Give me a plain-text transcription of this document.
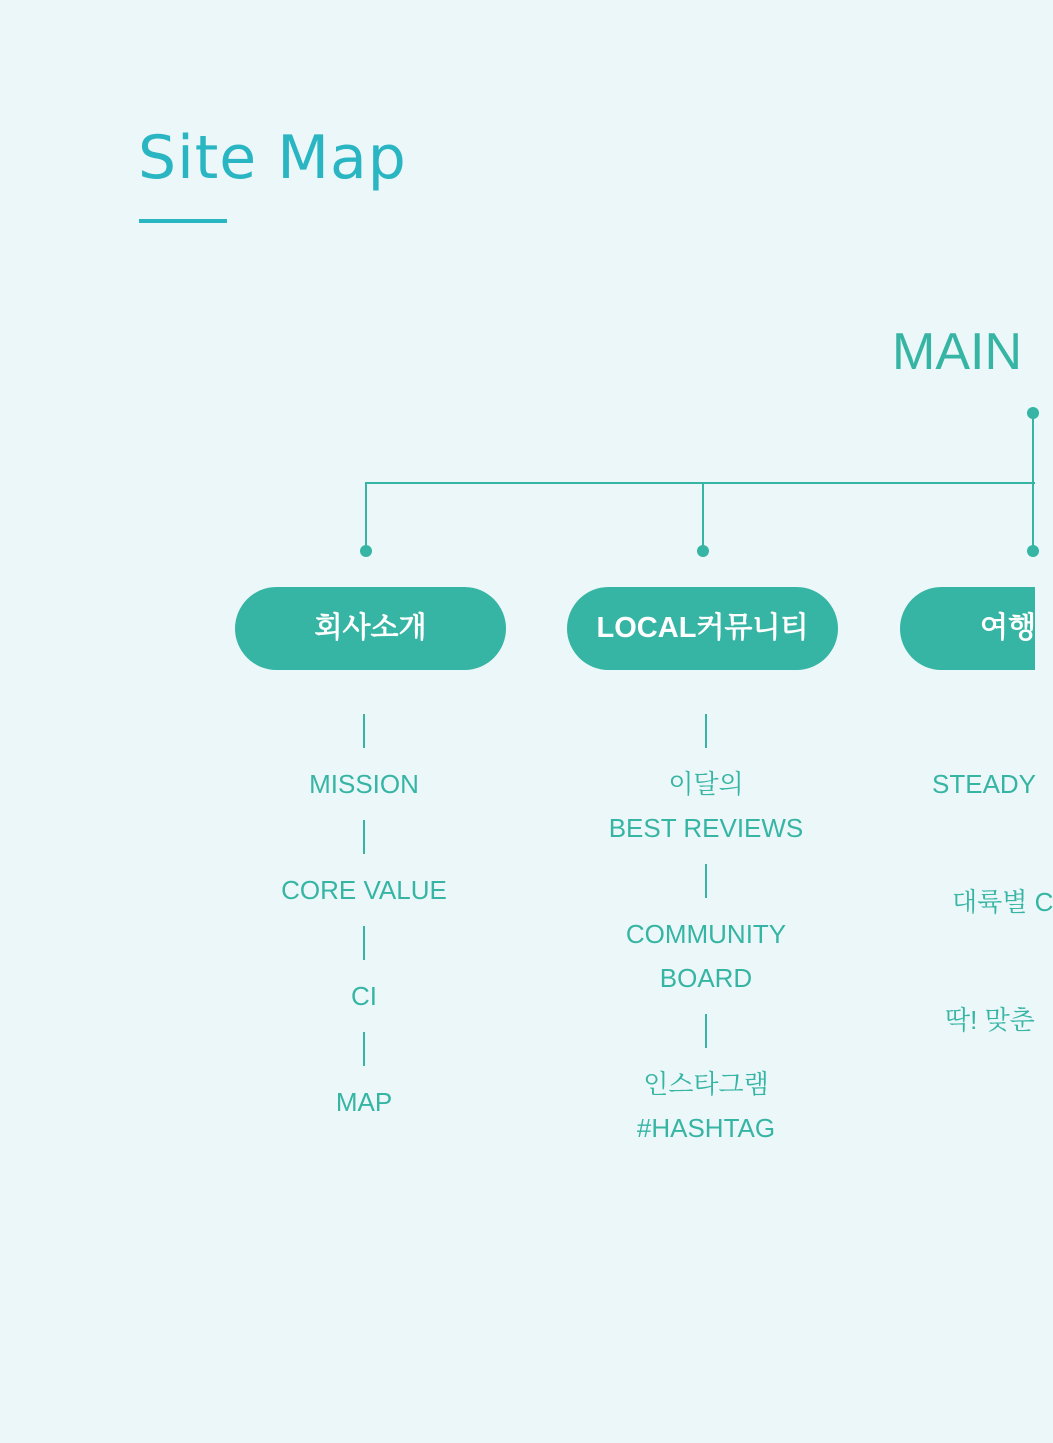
Site Map
MAIN
회사소개
MISSION
CORE VALUE
CI
MAP
LOCAL커뮤니티
이달의
BEST REVIEWS
COMMUNITY
BOARD
인스타그램
#HASHTAG
여행
STEADY
대륙별 C
딱! 맞춘
